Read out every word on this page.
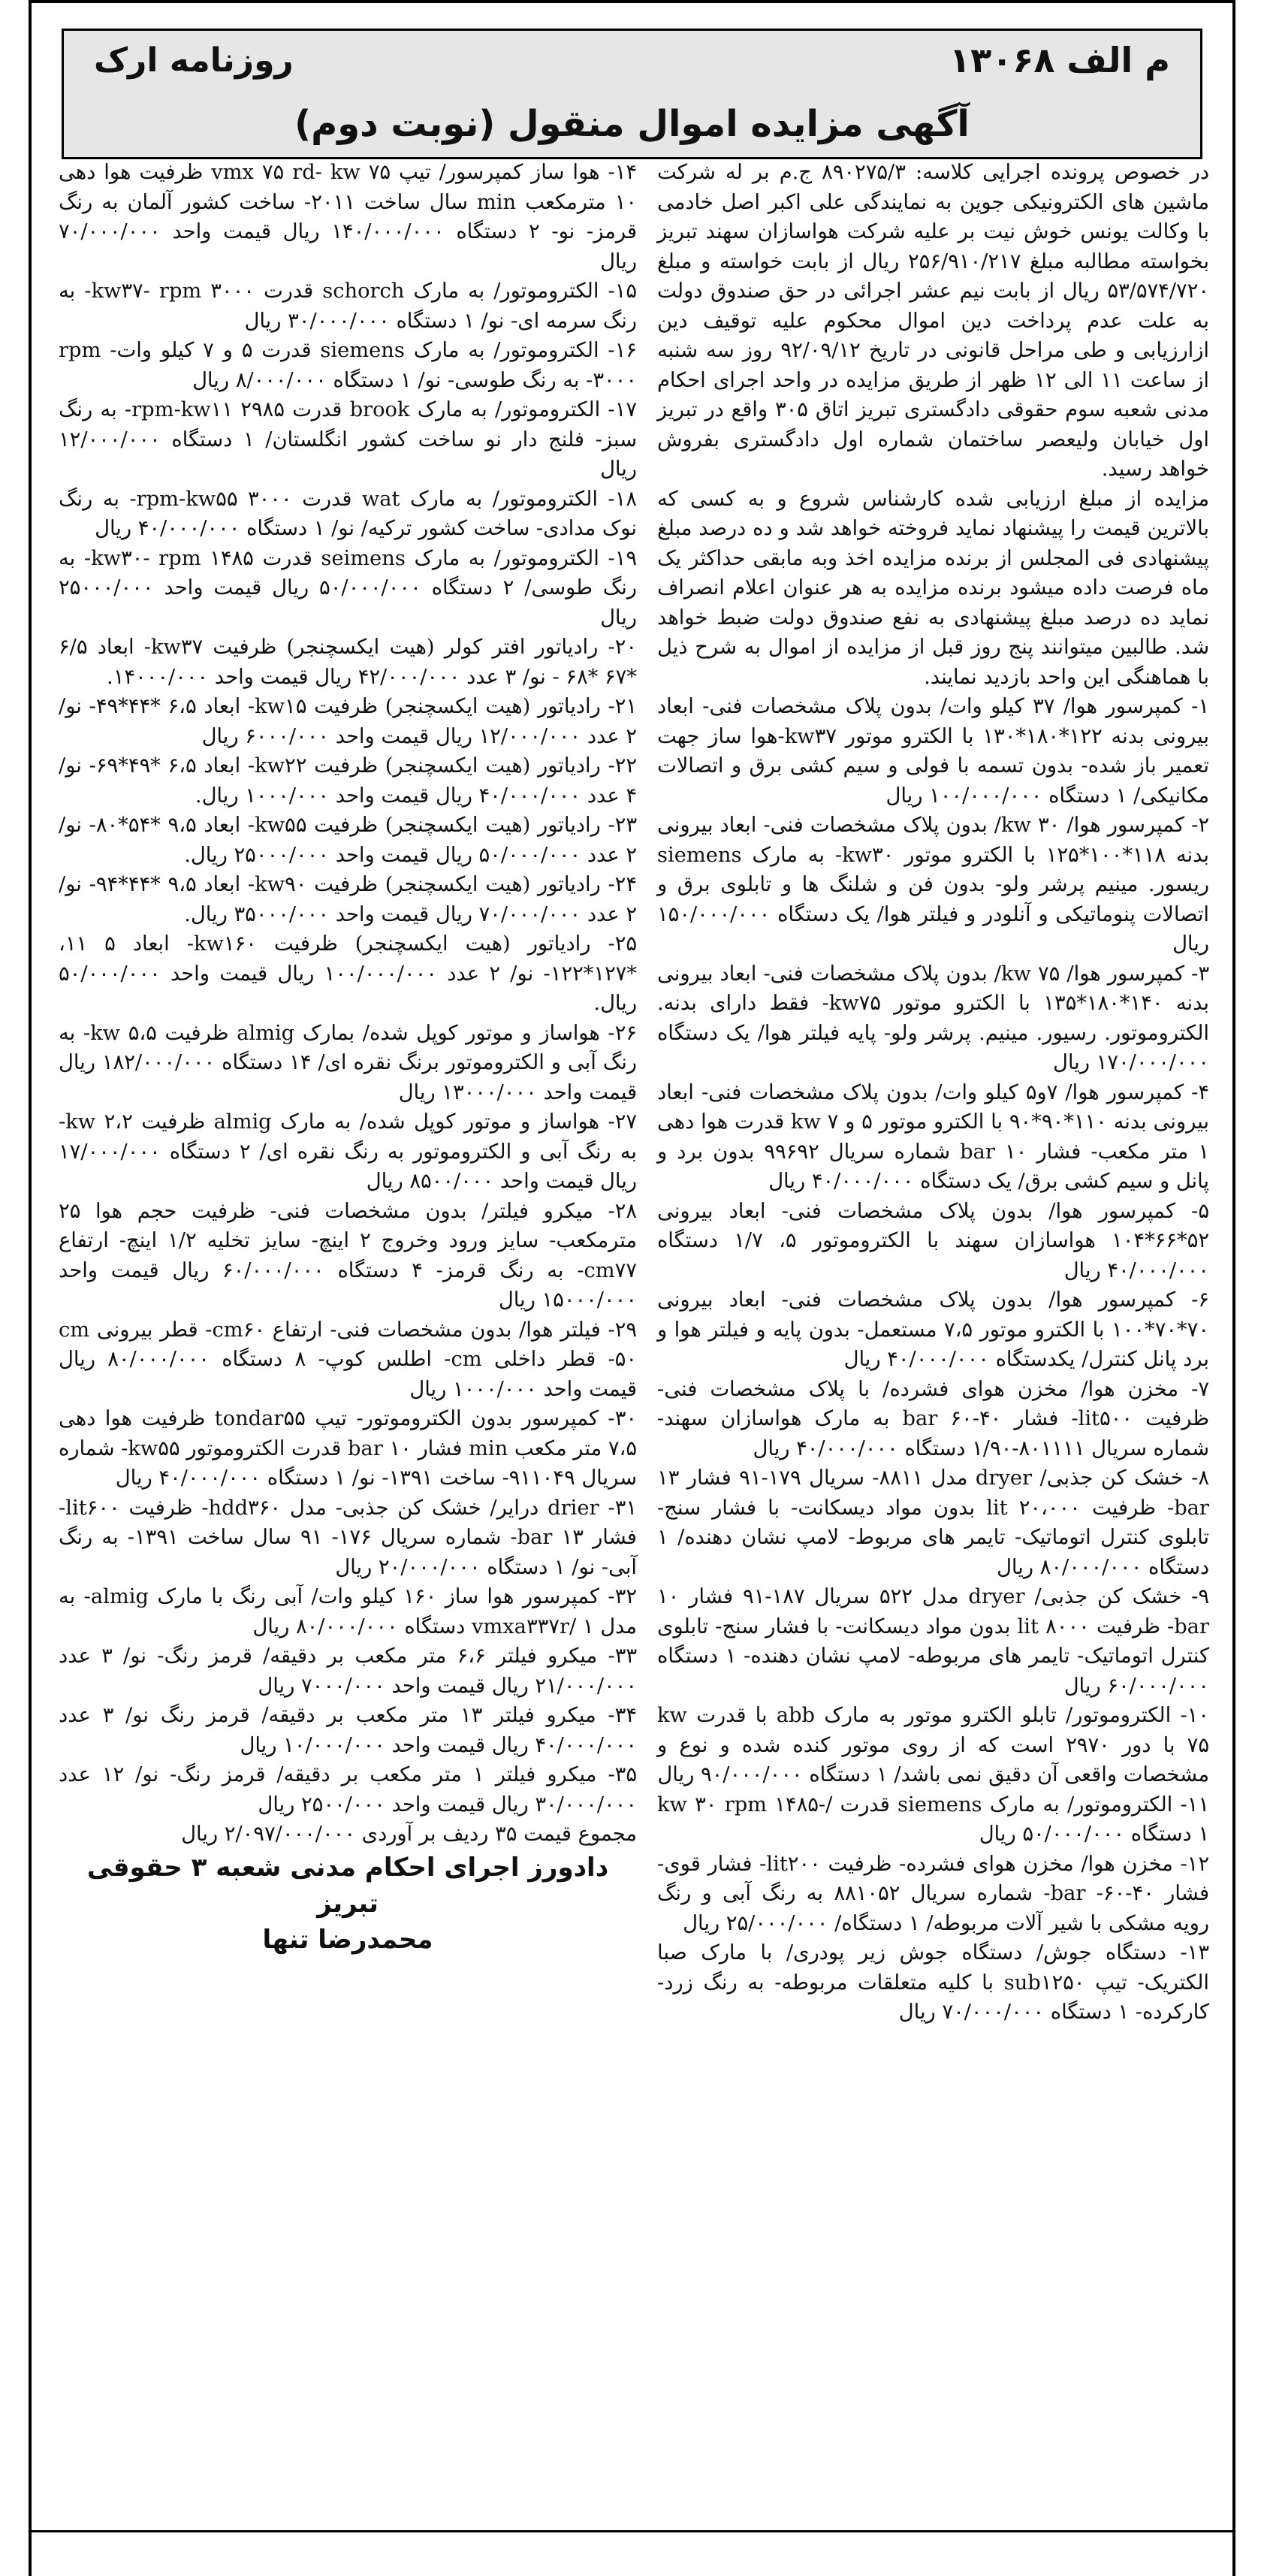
م الف ۱۳۰۶۸
روزنامه ارک
آگهی مزایده اموال منقول (نوبت دوم)

در خصوص پرونده اجرایی کلاسه: ۸۹۰۲۷۵/۳ ج.م بر له شرکت ماشین های الکترونیکی جوین به نمایندگی علی اکبر اصل خادمی با وکالت یونس خوش نیت بر علیه شرکت هواسازان سهند تبریز بخواسته مطالبه مبلغ ۲۵۶/۹۱۰/۲۱۷ ریال از بابت خواسته و مبلغ ۵۳/۵۷۴/۷۲۰ ریال از بابت نیم عشر اجرائی در حق صندوق دولت به علت عدم پرداخت دین اموال محکوم علیه توقیف دین ازارزیابی و طی مراحل قانونی در تاریخ ۹۲/۰۹/۱۲ روز سه شنبه از ساعت ۱۱ الی ۱۲ ظهر از طریق مزایده در واحد اجرای احکام مدنی شعبه سوم حقوقی دادگستری تبریز اتاق ۳۰۵ واقع در تبریز اول خیابان ولیعصر ساختمان شماره اول دادگستری بفروش خواهد رسید.

مزایده از مبلغ ارزیابی شده کارشناس شروع و به کسی که بالاترین قیمت را پیشنهاد نماید فروخته خواهد شد و ده درصد مبلغ پیشنهادی فی المجلس از برنده مزایده اخذ وبه مابقی حداکثر یک ماه فرصت داده میشود برنده مزایده به هر عنوان اعلام انصراف نماید ده درصد مبلغ پیشنهادی به نفع صندوق دولت ضبط خواهد شد. طالبین میتوانند پنج روز قبل از مزایده از اموال به شرح ذیل با هماهنگی این واحد بازدید نمایند.

۱- کمپرسور هوا/ ۳۷ کیلو وات/ بدون پلاک مشخصات فنی- ابعاد بیرونی بدنه ۱۲۲*۱۸۰*۱۳۰ با الکترو موتور kw۳۷-هوا ساز جهت تعمیر باز شده- بدون تسمه با فولی و سیم کشی برق و اتصالات مکانیکی/ ۱ دستگاه ۱۰۰/۰۰۰/۰۰۰ ریال

۲- کمپرسور هوا/ ۳۰ kw/ بدون پلاک مشخصات فنی- ابعاد بیرونی بدنه ۱۱۸*۱۰۰*۱۲۵ با الکترو موتور kw۳۰- به مارک siemens ریسور. مینیم پرشر ولو- بدون فن و شلنگ ها و تابلوی برق و اتصالات پنوماتیکی و آنلودر و فیلتر هوا/ یک دستگاه ۱۵۰/۰۰۰/۰۰۰ ریال

۳- کمپرسور هوا/ kw ۷۵/ بدون پلاک مشخصات فنی- ابعاد بیرونی بدنه ۱۴۰*۱۸۰*۱۳۵ با الکترو موتور kw۷۵- فقط دارای بدنه. الکتروموتور. رسیور. مینیم. پرشر ولو- پایه فیلتر هوا/ یک دستگاه ۱۷۰/۰۰۰/۰۰۰ ریال

۴- کمپرسور هوا/ ۷و۵ کیلو وات/ بدون پلاک مشخصات فنی- ابعاد بیرونی بدنه ۱۱۰*۹۰*۹۰ با الکترو موتور ۵ و ۷ kw قدرت هوا دهی ۱ متر مکعب- فشار ۱۰ bar شماره سریال ۹۹۶۹۲ بدون برد و پانل و سیم کشی برق/ یک دستگاه ۴۰/۰۰۰/۰۰۰ ریال

۵- کمپرسور هوا/ بدون پلاک مشخصات فنی- ابعاد بیرونی ۵۲*۶۶*۱۰۴ هواسازان سهند با الکتروموتور ۵، ۱/۷ دستگاه ۴۰/۰۰۰/۰۰۰ ریال

۶- کمپرسور هوا/ بدون پلاک مشخصات فنی- ابعاد بیرونی ۷۰*۷۰*۱۰۰ با الکترو موتور ۷،۵ مستعمل- بدون پایه و فیلتر هوا و برد پانل کنترل/ یکدستگاه ۴۰/۰۰۰/۰۰۰ ریال

۷- مخزن هوا/ مخزن هوای فشرده/ با پلاک مشخصات فنی- ظرفیت lit۵۰۰- فشار bar ۶۰-۴۰ به مارک هواسازان سهند- شماره سریال ۸۰۱۱۱۱-۱/۹۰ دستگاه ۴۰/۰۰۰/۰۰۰ ریال

۸- خشک کن جذبی/ dryer مدل ۸۸۱۱- سریال ۱۷۹-۹۱ فشار ۱۳ bar- ظرفیت lit ۲۰،۰۰۰ بدون مواد دیسکانت- با فشار سنج- تابلوی کنترل اتوماتیک- تایمر های مربوط- لامپ نشان دهنده/ ۱ دستگاه ۸۰/۰۰۰/۰۰۰ ریال

۹- خشک کن جذبی/ dryer مدل ۵۲۲ سریال ۱۸۷-۹۱ فشار ۱۰ bar- ظرفیت ۸۰۰۰ lit بدون مواد دیسکانت- با فشار سنج- تابلوی کنترل اتوماتیک- تایمر های مربوطه- لامپ نشان دهنده- ۱ دستگاه ۶۰/۰۰۰/۰۰۰ ریال

۱۰- الکتروموتور/ تابلو الکترو موتور به مارک abb با قدرت kw ۷۵ با دور ۲۹۷۰ است که از روی موتور کنده شده و نوع و مشخصات واقعی آن دقیق نمی باشد/ ۱ دستگاه ۹۰/۰۰۰/۰۰۰ ریال

۱۱- الکتروموتور/ به مارک siemens قدرت kw ۳۰ rpm ۱۴۸۵-/ ۱ دستگاه ۵۰/۰۰۰/۰۰۰ ریال

۱۲- مخزن هوا/ مخزن هوای فشرده- ظرفیت lit۲۰۰- فشار قوی- فشار bar -۶۰-۴۰- شماره سریال ۸۸۱۰۵۲ به رنگ آبی و رنگ رویه مشکی با شیر آلات مربوطه/ ۱ دستگاه/ ۲۵/۰۰۰/۰۰۰ ریال

۱۳- دستگاه جوش/ دستگاه جوش زیر پودری/ با مارک صبا الکتریک- تیپ sub۱۲۵۰ با کلیه متعلقات مربوطه- به رنگ زرد- کارکرده- ۱ دستگاه ۷۰/۰۰۰/۰۰۰ ریال

۱۴- هوا ساز کمپرسور/ تیپ vmx ۷۵ rd- kw ۷۵ ظرفیت هوا دهی ۱۰ مترمکعب min سال ساخت ۲۰۱۱- ساخت کشور آلمان به رنگ قرمز- نو- ۲ دستگاه ۱۴۰/۰۰۰/۰۰۰ ریال قیمت واحد ۷۰/۰۰۰/۰۰۰ ریال

۱۵- الکتروموتور/ به مارک schorch قدرت kw۳۷- rpm ۳۰۰۰- به رنگ سرمه ای- نو/ ۱ دستگاه ۳۰/۰۰۰/۰۰۰ ریال

۱۶- الکتروموتور/ به مارک siemens قدرت ۵ و ۷ کیلو وات- rpm ۳۰۰۰- به رنگ طوسی- نو/ ۱ دستگاه ۸/۰۰۰/۰۰۰ ریال

۱۷- الکتروموتور/ به مارک brook قدرت rpm-kw۱۱ ۲۹۸۵- به رنگ سبز- فلنج دار نو ساخت کشور انگلستان/ ۱ دستگاه ۱۲/۰۰۰/۰۰۰ ریال

۱۸- الکتروموتور/ به مارک wat قدرت rpm-kw۵۵ ۳۰۰۰- به رنگ نوک مدادی- ساخت کشور ترکیه/ نو/ ۱ دستگاه ۴۰/۰۰۰/۰۰۰ ریال

۱۹- الکتروموتور/ به مارک seimens قدرت kw۳۰- rpm ۱۴۸۵- به رنگ طوسی/ ۲ دستگاه ۵۰/۰۰۰/۰۰۰ ریال قیمت واحد ۲۵۰۰۰/۰۰۰ ریال

۲۰- رادیاتور افتر کولر (هیت ایکسچنجر) ظرفیت kw۳۷- ابعاد ۶/۵ *۶۷ *۶۸ - نو/ ۳ عدد ۴۲/۰۰۰/۰۰۰ ریال قیمت واحد ۱۴۰۰۰/۰۰۰.

۲۱- رادیاتور (هیت ایکسچنجر) ظرفیت kw۱۵- ابعاد ۶،۵ *۴۴*۴۹- نو/ ۲ عدد ۱۲/۰۰۰/۰۰۰ ریال قیمت واحد ۶۰۰۰/۰۰۰ ریال

۲۲- رادیاتور (هیت ایکسچنجر) ظرفیت kw۲۲- ابعاد ۶،۵ *۴۹*۶۹- نو/ ۴ عدد ۴۰/۰۰۰/۰۰۰ ریال قیمت واحد ۱۰۰۰/۰۰۰ ریال.

۲۳- رادیاتور (هیت ایکسچنجر) ظرفیت kw۵۵- ابعاد ۹،۵ *۵۴*۸۰- نو/ ۲ عدد ۵۰/۰۰۰/۰۰۰ ریال قیمت واحد ۲۵۰۰۰/۰۰۰ ریال.

۲۴- رادیاتور (هیت ایکسچنجر) ظرفیت kw۹۰- ابعاد ۹،۵ *۴۴*۹۴- نو/ ۲ عدد ۷۰/۰۰۰/۰۰۰ ریال قیمت واحد ۳۵۰۰۰/۰۰۰ ریال.

۲۵- رادیاتور (هیت ایکسچنجر) ظرفیت kw۱۶۰- ابعاد ۵ ۱۱، *۱۲۷*۱۲۲- نو/ ۲ عدد ۱۰۰/۰۰۰/۰۰۰ ریال قیمت واحد ۵۰/۰۰۰/۰۰۰ ریال.

۲۶- هواساز و موتور کوپل شده/ بمارک almig ظرفیت ۵،۵ kw- به رنگ آبی و الکتروموتور برنگ نقره ای/ ۱۴ دستگاه ۱۸۲/۰۰۰/۰۰۰ ریال قیمت واحد ۱۳۰۰۰/۰۰۰ ریال

۲۷- هواساز و موتور کوپل شده/ به مارک almig ظرفیت ۲،۲ kw- به رنگ آبی و الکتروموتور به رنگ نقره ای/ ۲ دستگاه ۱۷/۰۰۰/۰۰۰ ریال قیمت واحد ۸۵۰۰/۰۰۰ ریال

۲۸- میکرو فیلتر/ بدون مشخصات فنی- ظرفیت حجم هوا ۲۵ مترمکعب- سایز ورود وخروج ۲ اینچ- سایز تخلیه ۱/۲ اینچ- ارتفاع cm۷۷- به رنگ قرمز- ۴ دستگاه ۶۰/۰۰۰/۰۰۰ ریال قیمت واحد ۱۵۰۰۰/۰۰۰ ریال

۲۹- فیلتر هوا/ بدون مشخصات فنی- ارتفاع cm۶۰- قطر بیرونی cm ۵۰- قطر داخلی cm- اطلس کوپ- ۸ دستگاه ۸۰/۰۰۰/۰۰۰ ریال قیمت واحد ۱۰۰۰/۰۰۰ ریال

۳۰- کمپرسور بدون الکتروموتور- تیپ tondar۵۵ ظرفیت هوا دهی ۷،۵ متر مکعب min فشار ۱۰ bar قدرت الکتروموتور kw۵۵- شماره سریال ۹۱۱۰۴۹- ساخت ۱۳۹۱- نو/ ۱ دستگاه ۴۰/۰۰۰/۰۰۰ ریال

۳۱- drier درایر/ خشک کن جذبی- مدل hdd۳۶۰- ظرفیت lit۶۰۰- فشار ۱۳ bar- شماره سریال ۱۷۶- ۹۱ سال ساخت ۱۳۹۱- به رنگ آبی- نو/ ۱ دستگاه ۲۰/۰۰۰/۰۰۰ ریال

۳۲- کمپرسور هوا ساز ۱۶۰ کیلو وات/ آبی رنگ با مارک almig- به مدل vmxa۳۳۷r/ ۱ دستگاه ۸۰/۰۰۰/۰۰۰ ریال

۳۳- میکرو فیلتر ۶،۶ متر مکعب بر دقیقه/ قرمز رنگ- نو/ ۳ عدد ۲۱/۰۰۰/۰۰۰ ریال قیمت واحد ۷۰۰۰/۰۰۰ ریال

۳۴- میکرو فیلتر ۱۳ متر مکعب بر دقیقه/ قرمز رنگ نو/ ۳ عدد ۴۰/۰۰۰/۰۰۰ ریال قیمت واحد ۱۰/۰۰۰/۰۰۰ ریال

۳۵- میکرو فیلتر ۱ متر مکعب بر دقیقه/ قرمز رنگ- نو/ ۱۲ عدد ۳۰/۰۰۰/۰۰۰ ریال قیمت واحد ۲۵۰۰/۰۰۰ ریال

مجموع قیمت ۳۵ ردیف بر آوردی ۲/۰۹۷/۰۰۰/۰۰۰ ریال

دادورز اجرای احکام مدنی شعبه ۳ حقوقی تبریز

محمدرضا تنها
